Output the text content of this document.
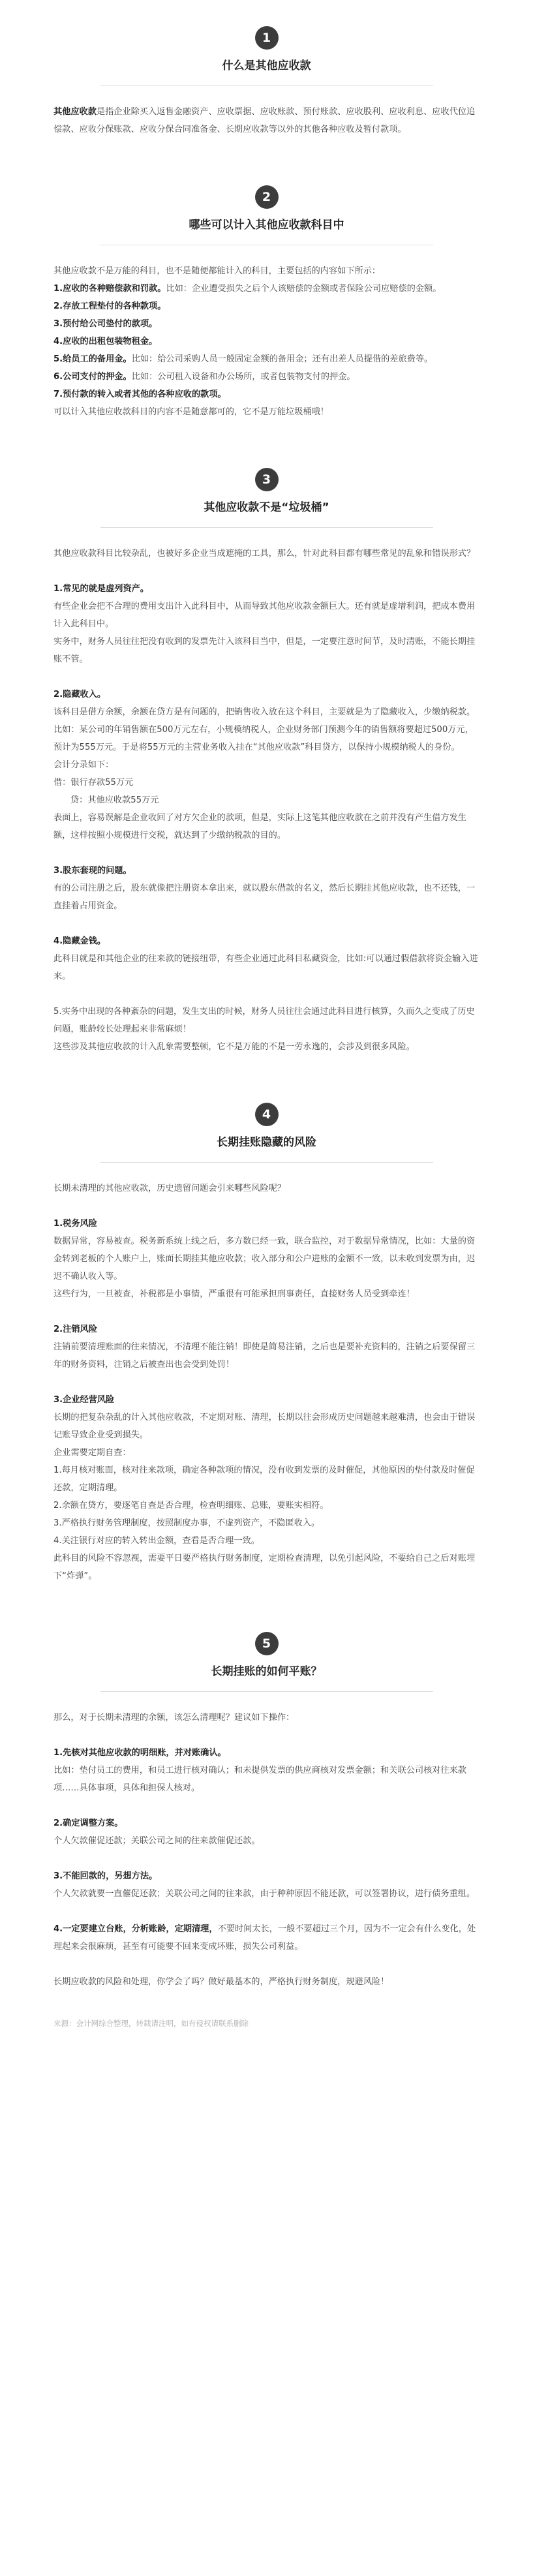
1
什么是其他应收款

其他应收款是指企业除买入返售金融资产、应收票据、应收账款、预付账款、应收股利、应收利息、应收代位追偿款、应收分保账款、应收分保合同准备金、长期应收款等以外的其他各种应收及暂付款项。

2
哪些可以计入其他应收款科目中

其他应收款不是万能的科目，也不是随便都能计入的科目，主要包括的内容如下所示：

1.应收的各种赔偿款和罚款。比如：企业遭受损失之后个人该赔偿的金额或者保险公司应赔偿的金额。

2.存放工程垫付的各种款项。

3.预付给公司垫付的款项。

4.应收的出租包装物租金。

5.给员工的备用金。比如：给公司采购人员一般固定金额的备用金；还有出差人员提借的差旅费等。

6.公司支付的押金。比如：公司租入设备和办公场所，或者包装物支付的押金。

7.预付款的转入或者其他的各种应收的款项。

可以计入其他应收款科目的内容不是随意都可的，它不是万能垃圾桶哦！

3
其他应收款不是“垃圾桶”

其他应收款科目比较杂乱，也被好多企业当成遮掩的工具，那么，针对此科目都有哪些常见的乱象和错误形式？

1.常见的就是虚列资产。

有些企业会把不合理的费用支出计入此科目中，从而导致其他应收款金额巨大。还有就是虚增利润，把成本费用计入此科目中。

实务中，财务人员往往把没有收到的发票先计入该科目当中，但是，一定要注意时间节，及时清账，不能长期挂账不管。

2.隐藏收入。

该科目是借方余额，余额在贷方是有问题的，把销售收入放在这个科目，主要就是为了隐藏收入，少缴纳税款。

比如：某公司的年销售额在500万元左右，小规模纳税人，企业财务部门预测今年的销售额将要超过500万元，预计为555万元。于是将55万元的主营业务收入挂在“其他应收款”科目贷方，以保持小规模纳税人的身份。

会计分录如下：

借：银行存款55万元

贷：其他应收款55万元

表面上，容易误解是企业收回了对方欠企业的款项，但是，实际上这笔其他应收款在之前并没有产生借方发生额，这样按照小规模进行交税，就达到了少缴纳税款的目的。

3.股东套现的问题。

有的公司注册之后，股东就像把注册资本拿出来，就以股东借款的名义，然后长期挂其他应收款，也不还钱，一直挂着占用资金。

4.隐藏金钱。

此科目就是和其他企业的往来款的链接纽带，有些企业通过此科目私藏资金，比如:可以通过假借款将资金输入进来。

5.实务中出现的各种紊杂的问题，发生支出的时候，财务人员往往会通过此科目进行核算，久而久之变成了历史问题，账龄较长处理起来非常麻烦！

这些涉及其他应收款的计入乱象需要整顿，它不是万能的不是一劳永逸的，会涉及到很多风险。

4
长期挂账隐藏的风险

长期未清理的其他应收款，历史遗留问题会引来哪些风险呢？

1.税务风险

数据异常，容易被查。税务新系统上线之后，多方数已经一致，联合监控，对于数据异常情况，比如：大量的资金转到老板的个人账户上，账面长期挂其他应收款；收入部分和公户进账的金额不一致，以未收到发票为由，迟迟不确认收入等。

这些行为，一旦被查，补税都是小事情，严重很有可能承担刑事责任，直接财务人员受到牵连！

2.注销风险

注销前要清理账面的往来情况，不清理不能注销！即使是简易注销，之后也是要补充资料的，注销之后要保留三年的财务资料，注销之后被查出也会受到处罚！

3.企业经营风险

长期的把复杂杂乱的计入其他应收款，不定期对账、清理，长期以往会形成历史问题越来越难清，也会由于错误记账导致企业受到损失。

企业需要定期自查：

1.每月核对账面，核对往来款项，确定各种款项的情况，没有收到发票的及时催促，其他原因的垫付款及时催促还款，定期清理。

2.余额在贷方，要逐笔自查是否合理，检查明细账、总账，要账实相符。

3.严格执行财务管理制度，按照制度办事，不虚列资产，不隐匿收入。

4.关注银行对应的转入转出金额，查看是否合理一致。

此科目的风险不容忽视，需要平日要严格执行财务制度，定期检查清理，以免引起风险，不要给自己之后对账埋下“炸弹”。

5
长期挂账的如何平账？

那么，对于长期未清理的余额，该怎么清理呢？建议如下操作：

1.先核对其他应收款的明细账，并对账确认。

比如：垫付员工的费用，和员工进行核对确认；和未提供发票的供应商核对发票金额；和关联公司核对往来款项……具体事项，具体和担保人核对。

2.确定调整方案。

个人欠款催促还款；关联公司之间的往来款催促还款。

3.不能回款的，另想方法。

个人欠款就要一直催促还款；关联公司之间的往来款，由于种种原因不能还款，可以签署协议，进行债务重组。

4.一定要建立台账，分析账龄，定期清理，不要时间太长，一般不要超过三个月，因为不一定会有什么变化，处理起来会很麻烦，甚至有可能要不回来变成坏账，损失公司利益。

长期应收款的风险和处理，你学会了吗？做好最基本的，严格执行财务制度，规避风险！

来源：会计网综合整理，转载请注明，如有侵权请联系删除
